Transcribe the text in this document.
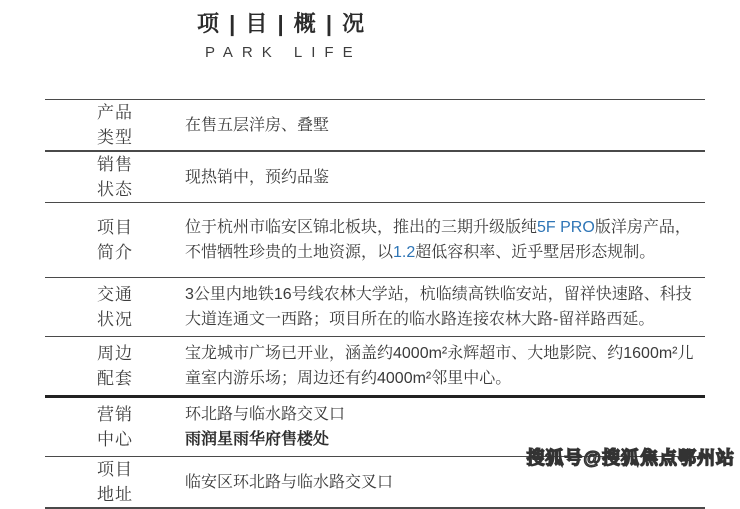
项 | 目 | 概 | 况
PARK LIFE
产品
类型
在售五层洋房、叠墅
销售
状态
现热销中，预约品鉴
项目
简介
位于杭州市临安区锦北板块，推出的三期升级版纯5F PRO版洋房产品，不惜牺牲珍贵的土地资源，以1.2超低容积率、近乎墅居形态规制。
交通
状况
3公里内地铁16号线农林大学站，杭临绩高铁临安站，留祥快速路、科技大道连通文一西路；项目所在的临水路连接农林大路-留祥路西延。
周边
配套
宝龙城市广场已开业，涵盖约4000m²永辉超市、大地影院、约1600m²儿童室内游乐场；周边还有约4000m²邻里中心。
营销
中心
环北路与临水路交叉口
雨润星雨华府售楼处
项目
地址
临安区环北路与临水路交叉口
搜狐号@搜狐焦点鄂州站
